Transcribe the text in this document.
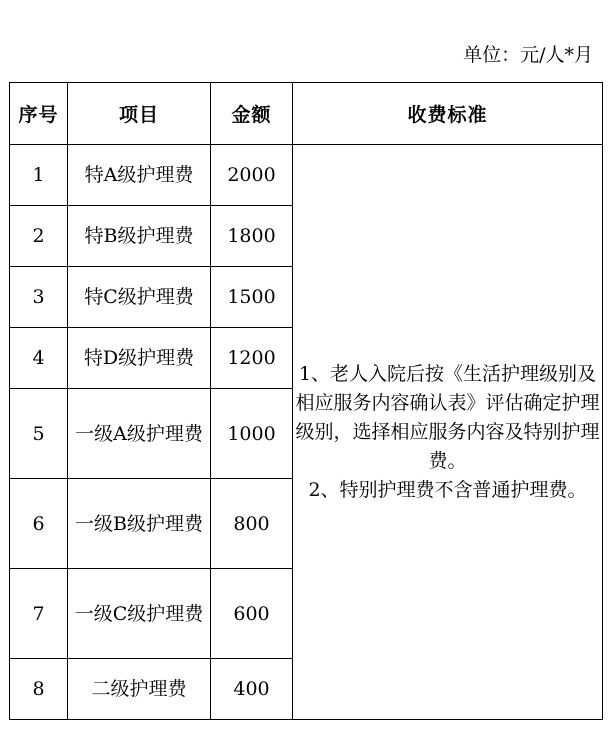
单位：元/人*月
序号	项目	金额	收费标准
1	特A级护理费	2000	1、老人入院后按《生活护理级别及相应服务内容确认表》评估确定护理级别，选择相应服务内容及特别护理费。
2、特别护理费不含普通护理费。

2	特B级护理费	1800	
3	特C级护理费	1500	
4	特D级护理费	1200	
5	一级A级护理费	1000	
6	一级B级护理费	800	
7	一级C级护理费	600	
8	二级护理费	400	
